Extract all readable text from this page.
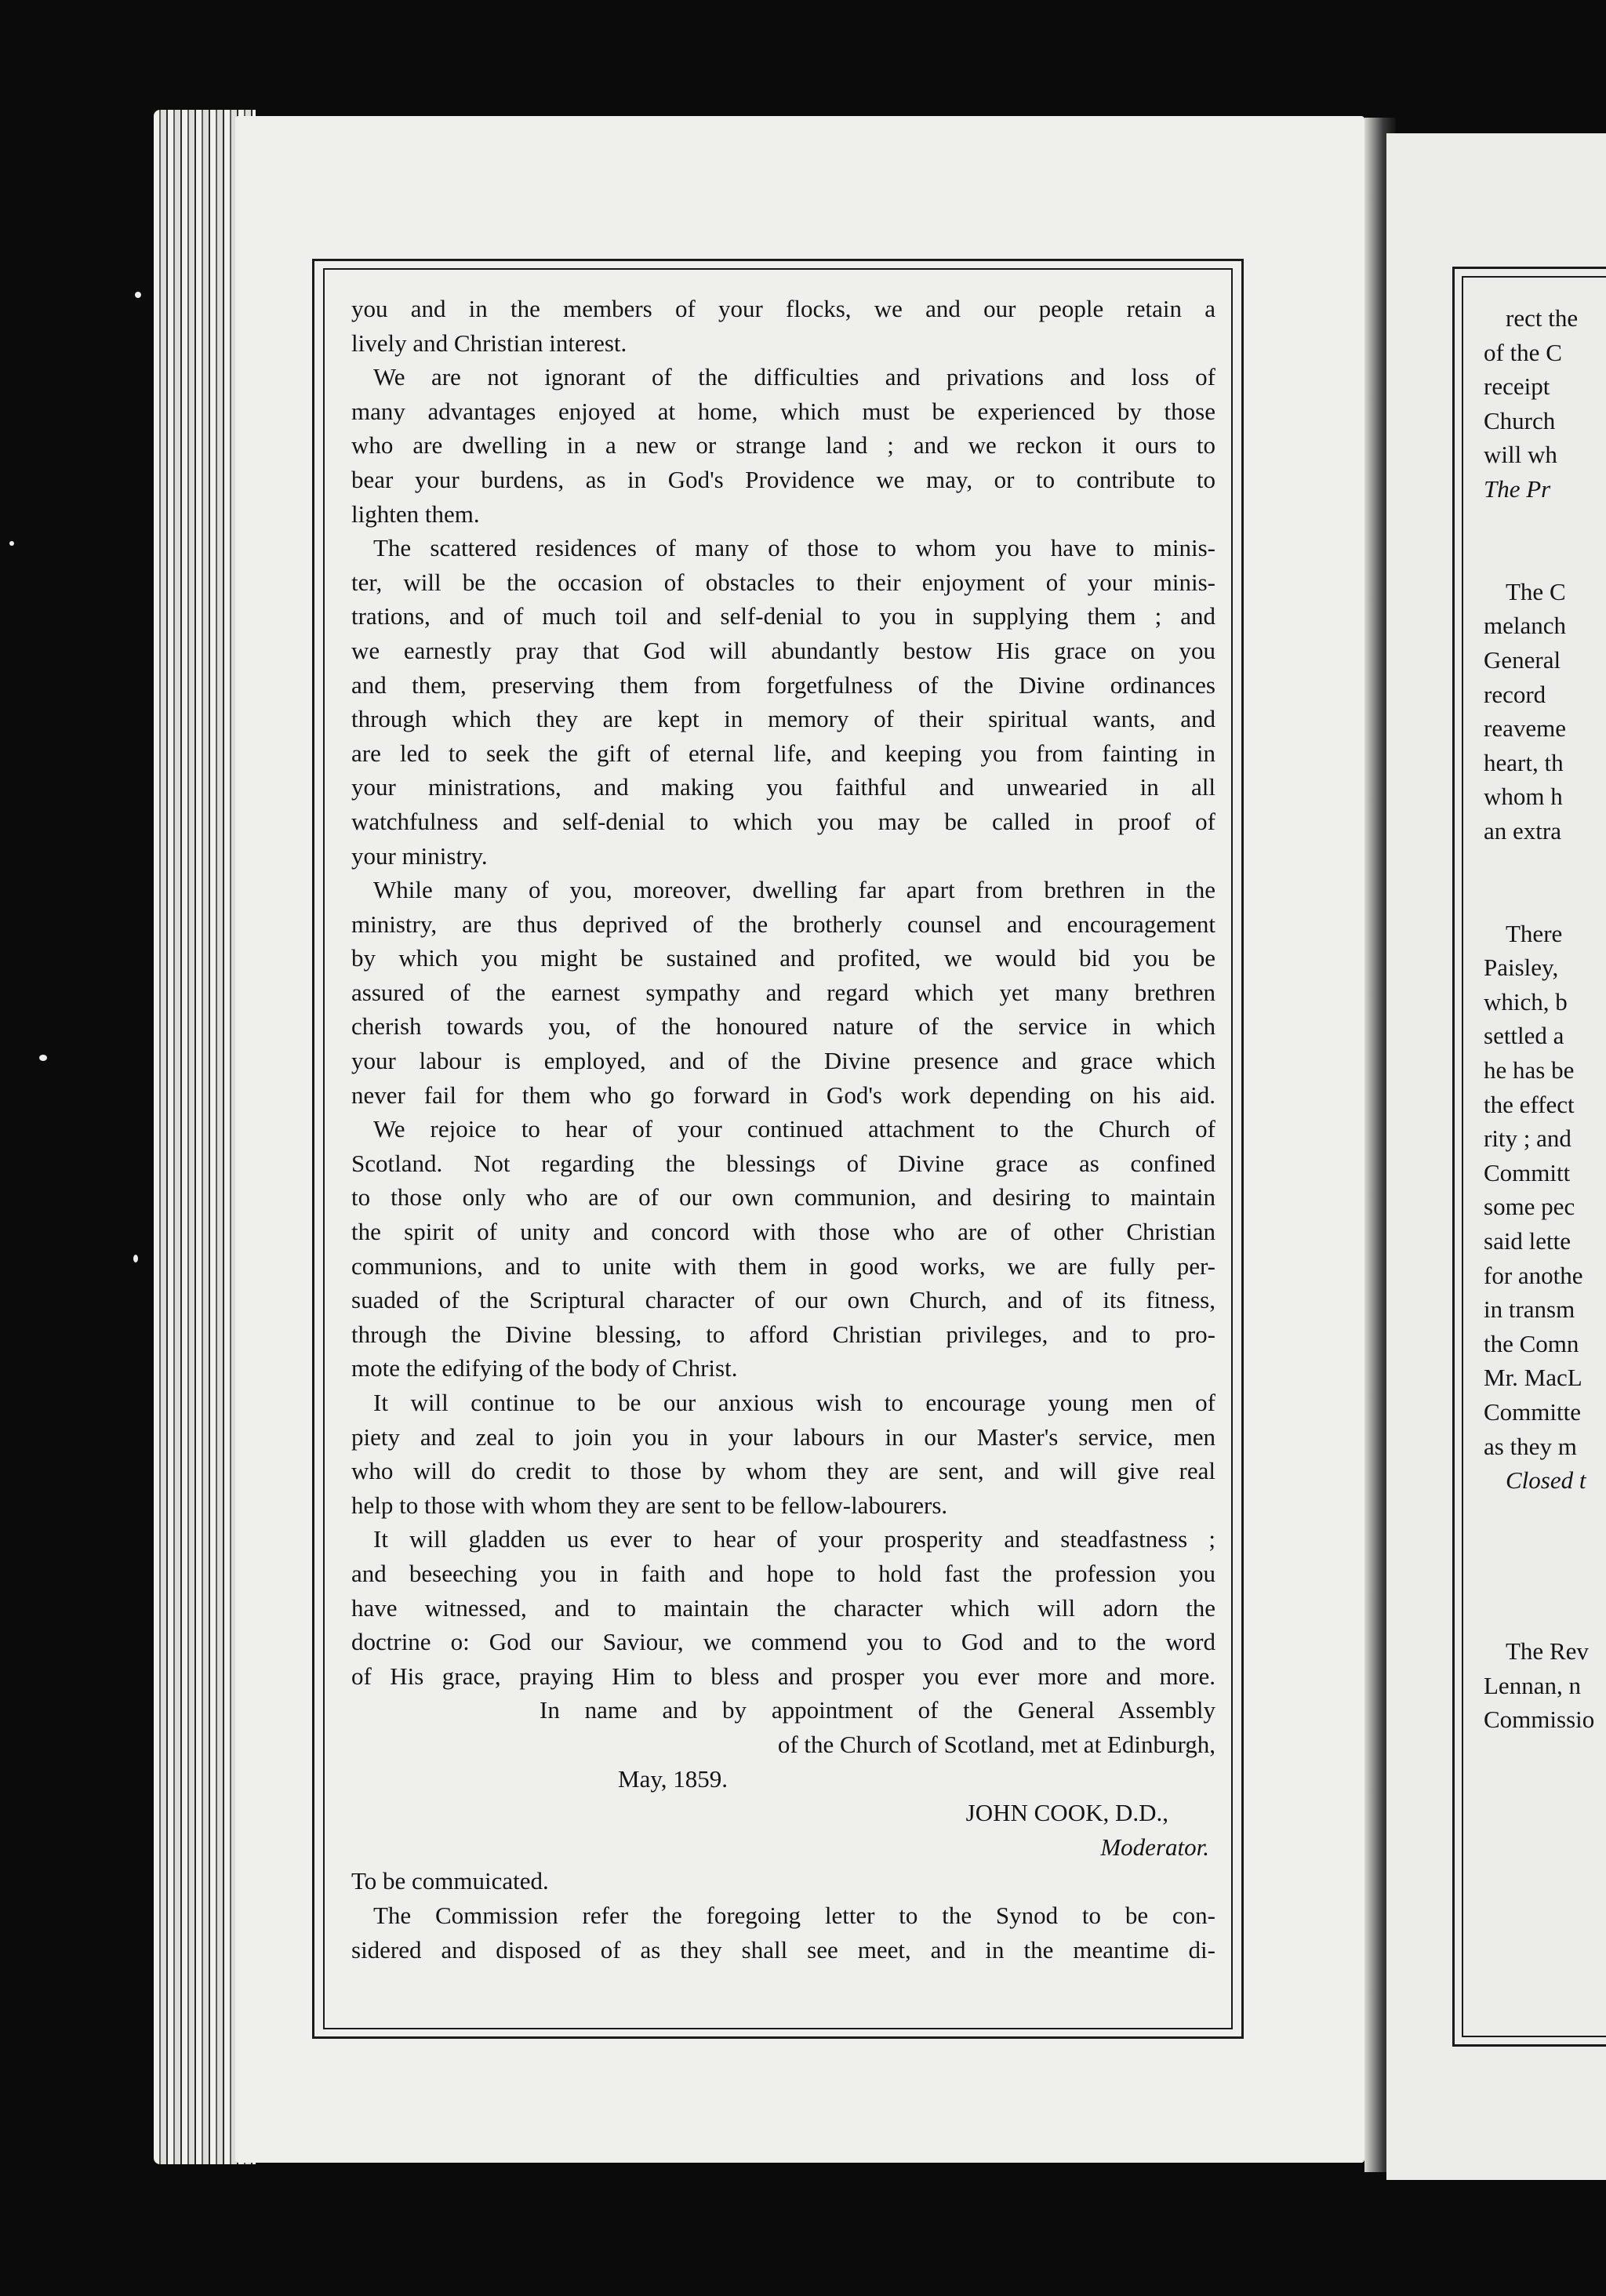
you and in the members of your flocks, we and our people retain a
lively and Christian interest.
We are not ignorant of the difficulties and privations and loss of
many advantages enjoyed at home, which must be experienced by those
who are dwelling in a new or strange land ; and we reckon it ours to
bear your burdens, as in God's Providence we may, or to contribute to
lighten them.
The scattered residences of many of those to whom you have to minis-
ter, will be the occasion of obstacles to their enjoyment of your minis-
trations, and of much toil and self-denial to you in supplying them ; and
we earnestly pray that God will abundantly bestow His grace on you
and them, preserving them from forgetfulness of the Divine ordinances
through which they are kept in memory of their spiritual wants, and
are led to seek the gift of eternal life, and keeping you from fainting in
your ministrations, and making you faithful and unwearied in all
watchfulness and self-denial to which you may be called in proof of
your ministry.
While many of you, moreover, dwelling far apart from brethren in the
ministry, are thus deprived of the brotherly counsel and encouragement
by which you might be sustained and profited, we would bid you be
assured of the earnest sympathy and regard which yet many brethren
cherish towards you, of the honoured nature of the service in which
your labour is employed, and of the Divine presence and grace which
never fail for them who go forward in God's work depending on his aid.
We rejoice to hear of your continued attachment to the Church of
Scotland. Not regarding the blessings of Divine grace as confined
to those only who are of our own communion, and desiring to maintain
the spirit of unity and concord with those who are of other Christian
communions, and to unite with them in good works, we are fully per-
suaded of the Scriptural character of our own Church, and of its fitness,
through the Divine blessing, to afford Christian privileges, and to pro-
mote the edifying of the body of Christ.
It will continue to be our anxious wish to encourage young men of
piety and zeal to join you in your labours in our Master's service, men
who will do credit to those by whom they are sent, and will give real
help to those with whom they are sent to be fellow-labourers.
It will gladden us ever to hear of your prosperity and steadfastness ;
and beseeching you in faith and hope to hold fast the profession you
have witnessed, and to maintain the character which will adorn the
doctrine o: God our Saviour, we commend you to God and to the word
of His grace, praying Him to bless and prosper you ever more and more.
In name and by appointment of the General Assembly
of the Church of Scotland, met at Edinburgh,
May, 1859.
JOHN COOK, D.D.,
Moderator.
To be commuicated.
The Commission refer the foregoing letter to the Synod to be con-
sidered and disposed of as they shall see meet, and in the meantime di-
rect the
of the C
receipt
Church
will wh
The Pr
The C
melanch
General
record
reaveme
heart, th
whom h
an extra
There
Paisley,
which, b
settled a
he has be
the effect
rity ; and
Committ
some pec
said lette
for anothe
in transm
the Comn
Mr. MacL
Committe
as they m
Closed t
The Rev
Lennan, n
Commissio
